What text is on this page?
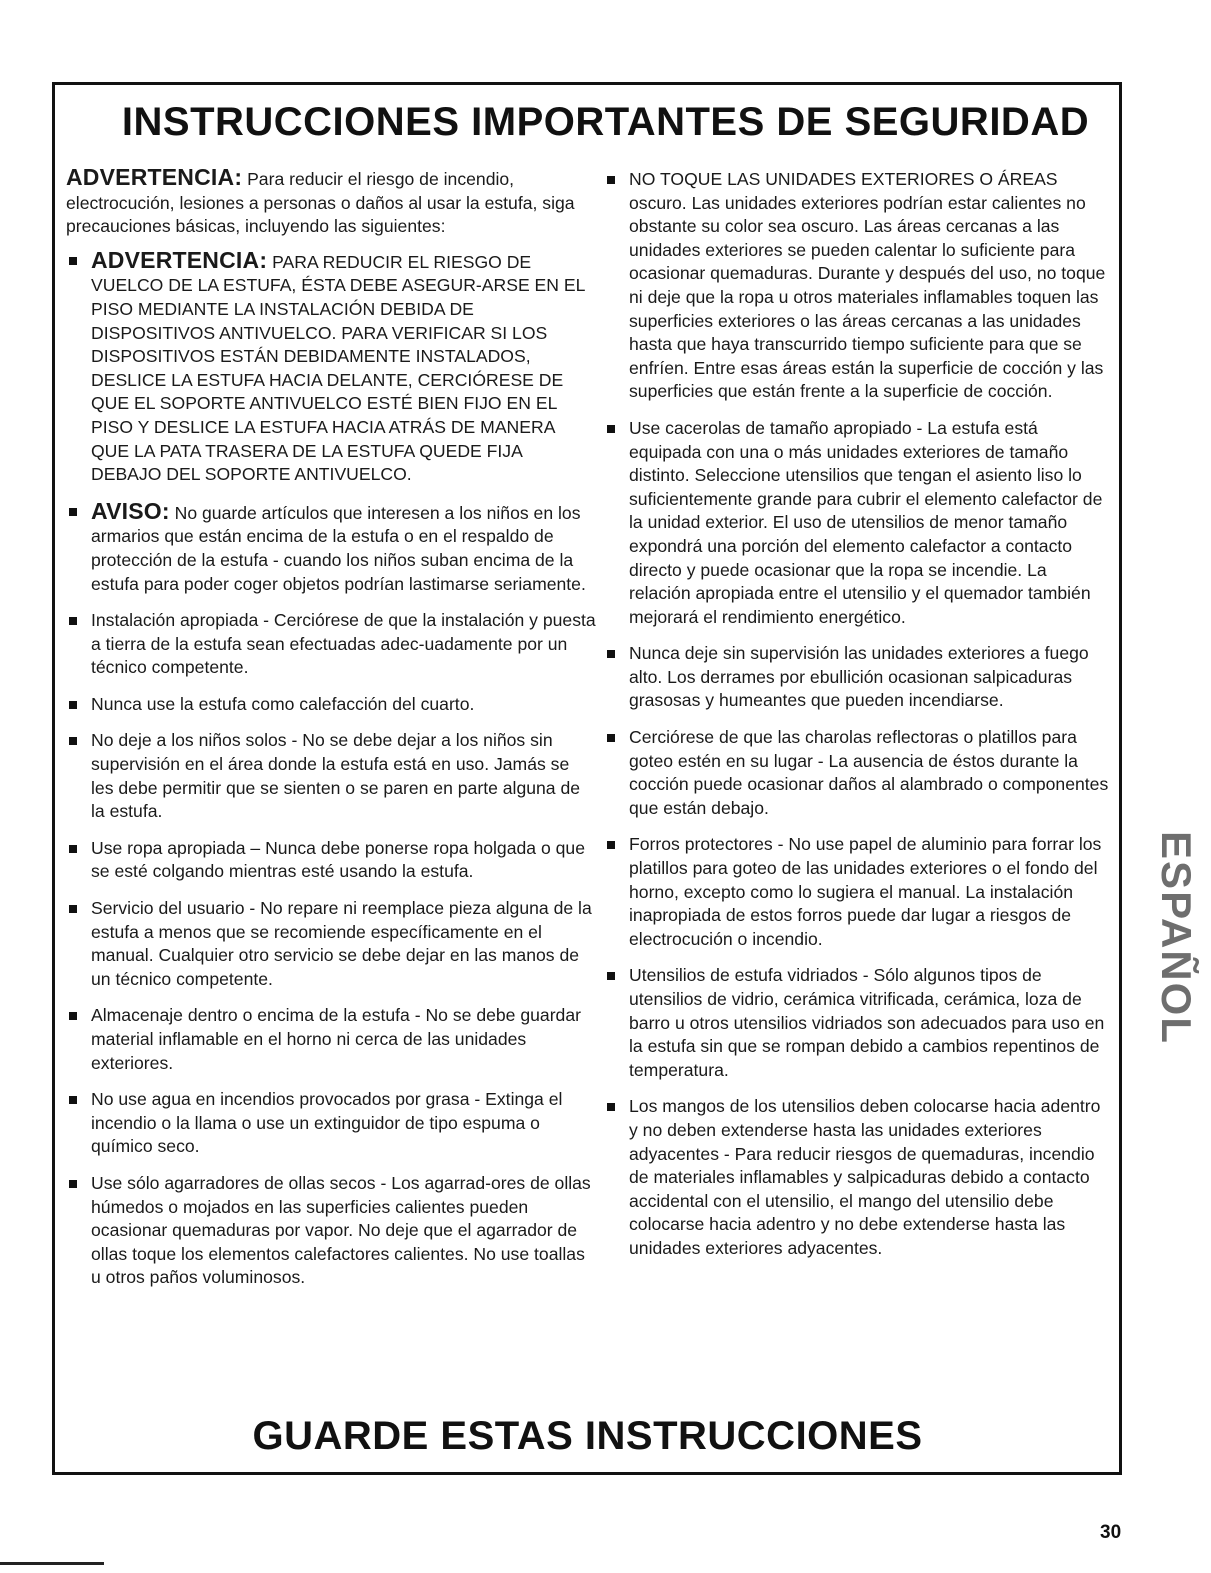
INSTRUCCIONES IMPORTANTES DE SEGURIDAD

ADVERTENCIA: Para reducir el riesgo de incendio, electrocución, lesiones a personas o daños al usar la estufa, siga precauciones básicas, incluyendo las siguientes:

ADVERTENCIA: PARA REDUCIR EL RIESGO DE VUELCO DE LA ESTUFA, ÉSTA DEBE ASEGUR-ARSE EN EL PISO MEDIANTE LA INSTALACIÓN DEBIDA DE DISPOSITIVOS ANTIVUELCO. PARA VERIFICAR SI LOS DISPOSITIVOS ESTÁN DEBIDAMENTE INSTALADOS, DESLICE LA ESTUFA HACIA DELANTE, CERCIÓRESE DE QUE EL SOPORTE ANTIVUELCO ESTÉ BIEN FIJO EN EL PISO Y DESLICE LA ESTUFA HACIA ATRÁS DE MANERA QUE LA PATA TRASERA DE LA ESTUFA QUEDE FIJA DEBAJO DEL SOPORTE ANTIVUELCO.
AVISO: No guarde artículos que interesen a los niños en los armarios que están encima de la estufa o en el respaldo de protección de la estufa - cuando los niños suban encima de la estufa para poder coger objetos podrían lastimarse seriamente.
Instalación apropiada - Cerciórese de que la instalación y puesta a tierra de la estufa sean efectuadas adec-uadamente por un técnico competente.
Nunca use la estufa como calefacción del cuarto.
No deje a los niños solos - No se debe dejar a los niños sin supervisión en el área donde la estufa está en uso. Jamás se les debe permitir que se sienten o se paren en parte alguna de la estufa.
Use ropa apropiada – Nunca debe ponerse ropa holgada o que se esté colgando mientras esté usando la estufa.
Servicio del usuario - No repare ni reemplace pieza alguna de la estufa a menos que se recomiende específicamente en el manual. Cualquier otro servicio se debe dejar en las manos de un técnico competente.
Almacenaje dentro o encima de la estufa - No se debe guardar material inflamable en el horno ni cerca de las unidades exteriores.
No use agua en incendios provocados por grasa - Extinga el incendio o la llama o use un extinguidor de tipo espuma o químico seco.
Use sólo agarradores de ollas secos - Los agarrad-ores de ollas húmedos o mojados en las superficies calientes pueden ocasionar quemaduras por vapor. No deje que el agarrador de ollas toque los elementos calefactores calientes. No use toallas u otros paños voluminosos.
NO TOQUE LAS UNIDADES EXTERIORES O ÁREAS oscuro. Las unidades exteriores podrían estar calientes no obstante su color sea oscuro. Las áreas cercanas a las unidades exteriores se pueden calentar lo suficiente para ocasionar quemaduras. Durante y después del uso, no toque ni deje que la ropa u otros materiales inflamables toquen las superficies exteriores o las áreas cercanas a las unidades hasta que haya transcurrido tiempo suficiente para que se enfríen. Entre esas áreas están la superficie de cocción y las superficies que están frente a la superficie de cocción.
Use cacerolas de tamaño apropiado - La estufa está equipada con una o más unidades exteriores de tamaño distinto. Seleccione utensilios que tengan el asiento liso lo suficientemente grande para cubrir el elemento calefactor de la unidad exterior. El uso de utensilios de menor tamaño expondrá una porción del elemento calefactor a contacto directo y puede ocasionar que la ropa se incendie. La relación apropiada entre el utensilio y el quemador también mejorará el rendimiento energético.
Nunca deje sin supervisión las unidades exteriores a fuego alto. Los derrames por ebullición ocasionan salpicaduras grasosas y humeantes que pueden incendiarse.
Cerciórese de que las charolas reflectoras o platillos para goteo estén en su lugar - La ausencia de éstos durante la cocción puede ocasionar daños al alambrado o componentes que están debajo.
Forros protectores - No use papel de aluminio para forrar los platillos para goteo de las unidades exteriores o el fondo del horno, excepto como lo sugiera el manual. La instalación inapropiada de estos forros puede dar lugar a riesgos de electrocución o incendio.
Utensilios de estufa vidriados - Sólo algunos tipos de utensilios de vidrio, cerámica vitrificada, cerámica, loza de barro u otros utensilios vidriados son adecuados para uso en la estufa sin que se rompan debido a cambios repentinos de temperatura.
Los mangos de los utensilios deben colocarse hacia adentro y no deben extenderse hasta las unidades exteriores adyacentes - Para reducir riesgos de quemaduras, incendio de materiales inflamables y salpicaduras debido a contacto accidental con el utensilio, el mango del utensilio debe colocarse hacia adentro y no debe extenderse hasta las unidades exteriores adyacentes.
GUARDE ESTAS INSTRUCCIONES
ESPAÑOL
30
